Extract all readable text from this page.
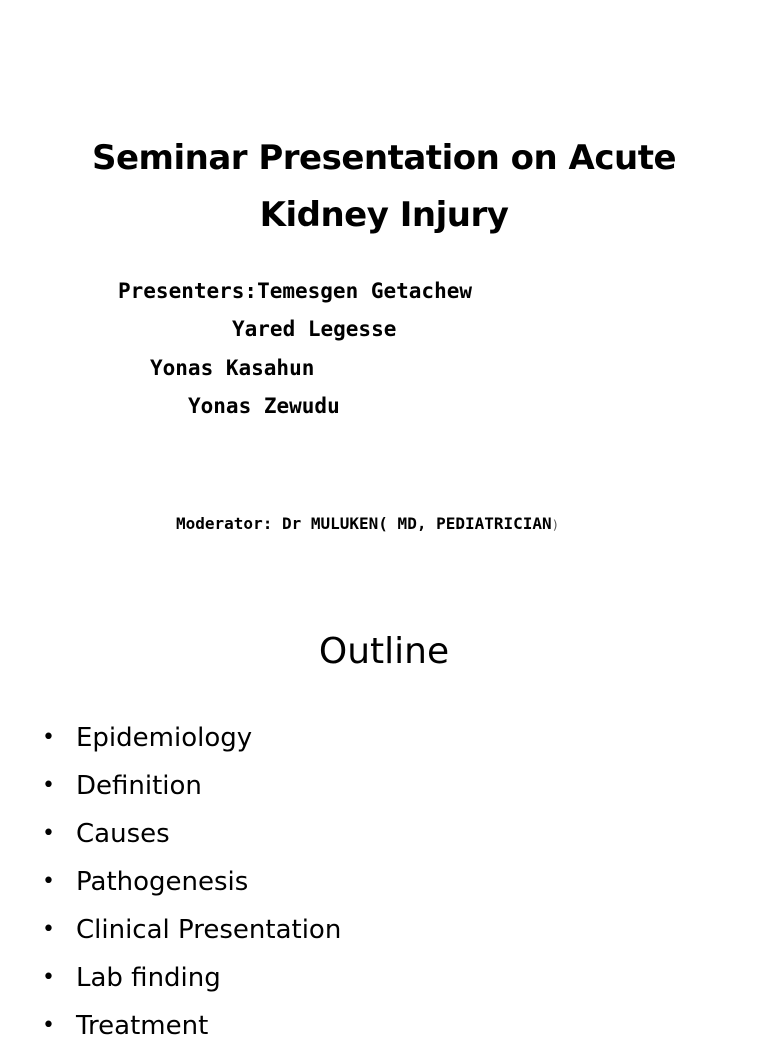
Seminar Presentation on Acute
Kidney Injury
Presenters:Temesgen Getachew
Yared Legesse
Yonas Kasahun
Yonas Zewudu
Moderator: Dr MULUKEN( MD, PEDIATRICIAN)
Outline
• Epidemiology
• Definition
• Causes
• Pathogenesis
• Clinical Presentation
• Lab finding
• Treatment
